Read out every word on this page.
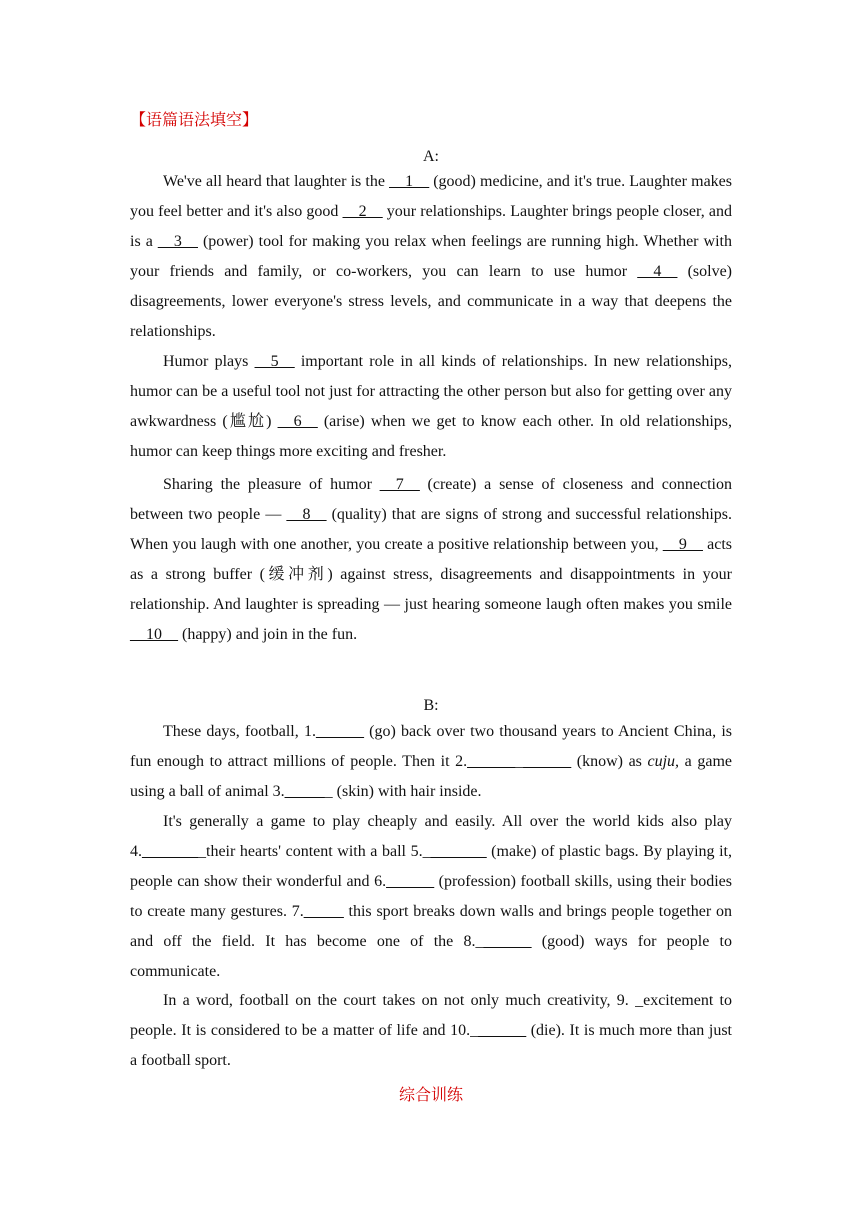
【语篇语法填空】
A:
We've all heard that laughter is the __1__ (good) medicine, and it's true. Laughter makes you feel better and it's also good __2__ your relationships. Laughter brings people closer, and is a __3__ (power) tool for making you relax when feelings are running high. Whether with your friends and family, or co-workers, you can learn to use humor __4__ (solve) disagreements, lower everyone's stress levels, and communicate in a way that deepens the relationships.
Humor plays __5__ important role in all kinds of relationships. In new relationships, humor can be a useful tool not just for attracting the other person but also for getting over any awkwardness (尴尬) __6__ (arise) when we get to know each other. In old relationships, humor can keep things more exciting and fresher.
Sharing the pleasure of humor __7__ (create) a sense of closeness and connection between two people — __8__ (quality) that are signs of strong and successful relationships. When you laugh with one another, you create a positive relationship between you, __9__ acts as a strong buffer (缓冲剂) against stress, disagreements and disappointments in your relationship. And laughter is spreading — just hearing someone laugh often makes you smile __10__ (happy) and join in the fun.
B:
These days, football, 1.______ (go) back over two thousand years to Ancient China, is fun enough to attract millions of people. Then it 2._____________ (know) as cuju, a game using a ball of animal 3.______ (skin) with hair inside.
It's generally a game to play cheaply and easily. All over the world kids also play 4.________their hearts' content with a ball 5.________ (make) of plastic bags. By playing it, people can show their wonderful and 6.______ (profession) football skills, using their bodies to create many gestures. 7._____ this sport breaks down walls and brings people together on and off the field. It has become one of the 8._______ (good) ways for people to communicate.
In a word, football on the court takes on not only much creativity, 9. _excitement to people. It is considered to be a matter of life and 10._______ (die). It is much more than just a football sport.
综合训练
